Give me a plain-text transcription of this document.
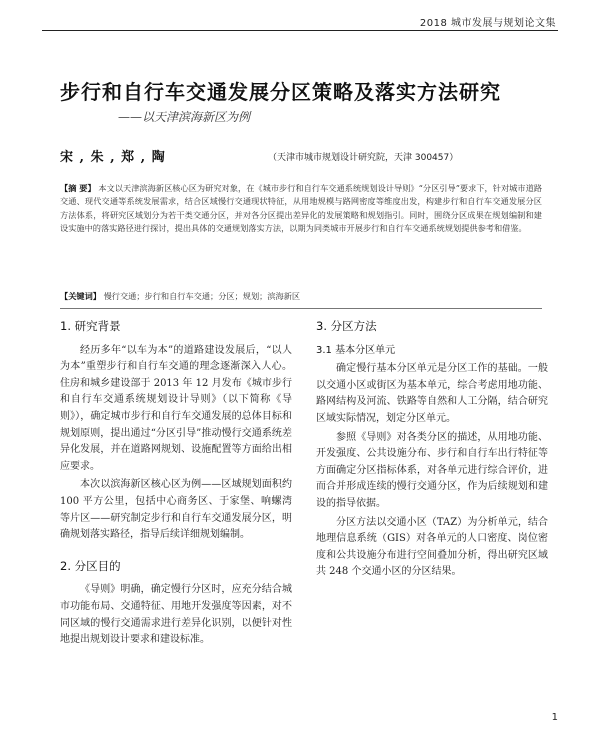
2018 城市发展与规划论文集
步行和自行车交通发展分区策略及落实方法研究
——以天津滨海新区为例
宋 , 朱 , 郑 , 陶	（天津市城市规划设计研究院，天津 300457）
【摘 要】 本文以天津滨海新区核心区为研究对象，在《城市步行和自行车交通系统规划设计导则》“分区引导”要求下，针对城市道路交通、现代交通等系统发展需求，结合区域慢行交通现状特征，从用地规模与路网密度等维度出发，构建步行和自行车交通发展分区方法体系，将研究区域划分为若干类交通分区，并对各分区提出差异化的发展策略和规划指引。同时，围绕分区成果在规划编制和建设实施中的落实路径进行探讨，提出具体的交通规划落实方法，以期为同类城市开展步行和自行车交通系统规划提供参考和借鉴。
【关键词】 慢行交通；步行和自行车交通；分区；规划；滨海新区
1. 研究背景

经历多年“以车为本”的道路建设发展后，“以人为本”重塑步行和自行车交通的理念逐渐深入人心。住房和城乡建设部于 2013 年 12 月发布《城市步行和自行车交通系统规划设计导则》（以下简称《导则》），确定城市步行和自行车交通发展的总体目标和规划原则，提出通过“分区引导”推动慢行交通系统差异化发展，并在道路网规划、设施配置等方面给出相应要求。

本次以滨海新区核心区为例——区域规划面积约 100 平方公里，包括中心商务区、于家堡、响螺湾等片区——研究制定步行和自行车交通发展分区，明确规划落实路径，指导后续详细规划编制。

2. 分区目的

《导则》明确，确定慢行分区时，应充分结合城市功能布局、交通特征、用地开发强度等因素，对不同区域的慢行交通需求进行差异化识别，以便针对性地提出规划设计要求和建设标准。

3. 分区方法
3.1 基本分区单元

确定慢行基本分区单元是分区工作的基础。一般以交通小区或街区为基本单元，综合考虑用地功能、路网结构及河流、铁路等自然和人工分隔，结合研究区域实际情况，划定分区单元。

参照《导则》对各类分区的描述，从用地功能、开发强度、公共设施分布、步行和自行车出行特征等方面确定分区指标体系，对各单元进行综合评价，进而合并形成连续的慢行交通分区，作为后续规划和建设的指导依据。

分区方法以交通小区（TAZ）为分析单元，结合地理信息系统（GIS）对各单元的人口密度、岗位密度和公共设施分布进行空间叠加分析，得出研究区域共 248 个交通小区的分区结果。

1
